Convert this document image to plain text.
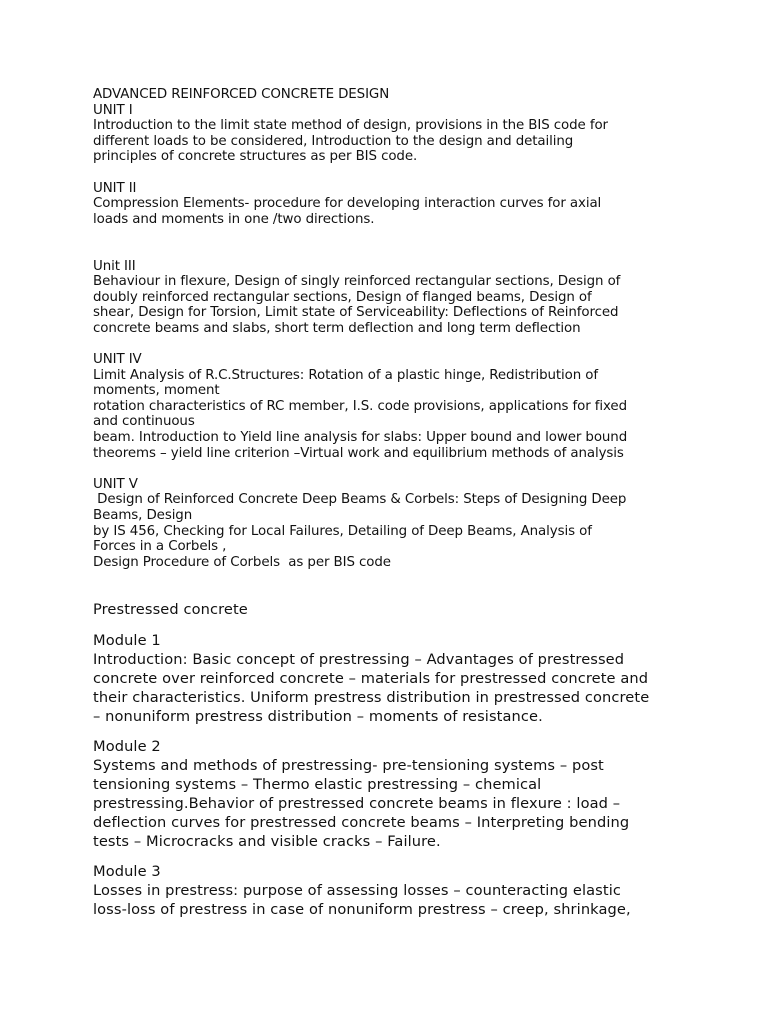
ADVANCED REINFORCED CONCRETE DESIGN
UNIT I
Introduction to the limit state method of design, provisions in the BIS code for
different loads to be considered, Introduction to the design and detailing
principles of concrete structures as per BIS code.
UNIT II
Compression Elements- procedure for developing interaction curves for axial
loads and moments in one /two directions.
Unit III
Behaviour in flexure, Design of singly reinforced rectangular sections, Design of
doubly reinforced rectangular sections, Design of flanged beams, Design of
shear, Design for Torsion, Limit state of Serviceability: Deflections of Reinforced
concrete beams and slabs, short term deflection and long term deflection
UNIT IV
Limit Analysis of R.C.Structures: Rotation of a plastic hinge, Redistribution of
moments, moment
rotation characteristics of RC member, I.S. code provisions, applications for fixed
and continuous
beam. Introduction to Yield line analysis for slabs: Upper bound and lower bound
theorems – yield line criterion –Virtual work and equilibrium methods of analysis
UNIT V
Design of Reinforced Concrete Deep Beams & Corbels: Steps of Designing Deep
Beams, Design
by IS 456, Checking for Local Failures, Detailing of Deep Beams, Analysis of
Forces in a Corbels ,
Design Procedure of Corbels  as per BIS code
Prestressed concrete
Module 1
Introduction: Basic concept of prestressing – Advantages of prestressed
concrete over reinforced concrete – materials for prestressed concrete and
their characteristics. Uniform prestress distribution in prestressed concrete
– nonuniform prestress distribution – moments of resistance.
Module 2
Systems and methods of prestressing- pre-tensioning systems – post
tensioning systems – Thermo elastic prestressing – chemical
prestressing.Behavior of prestressed concrete beams in flexure : load –
deflection curves for prestressed concrete beams – Interpreting bending
tests – Microcracks and visible cracks – Failure.
Module 3
Losses in prestress: purpose of assessing losses – counteracting elastic
loss-loss of prestress in case of nonuniform prestress – creep, shrinkage,
